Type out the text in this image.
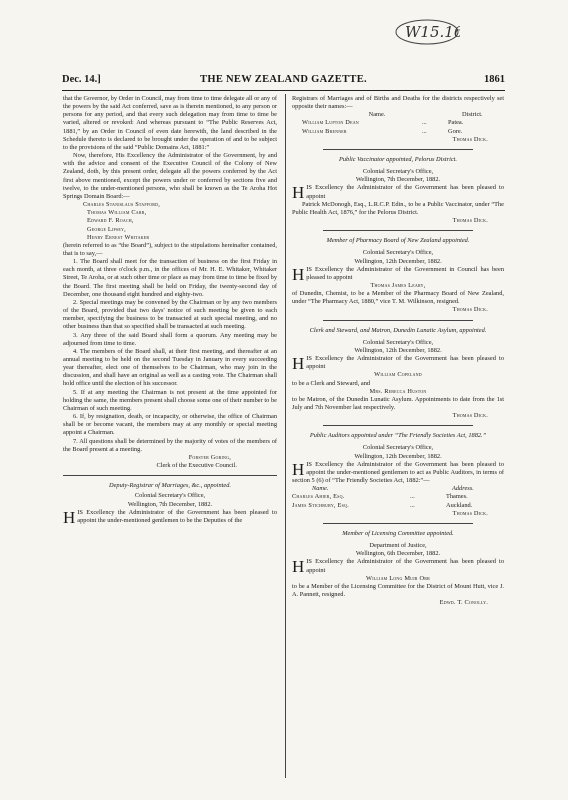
W15.16
Dec. 14.]	THE NEW ZEALAND GAZETTE.	1861

that the Governor, by Order in Council, may from time to time delegate all or any of the powers by the said Act conferred, save as is therein mentioned, to any person or persons for any period, and that every such delegation may from time to time be varied, altered or revoked: And whereas pursuant to “The Public Reserves Act, 1881,” by an Order in Council of even date herewith, the land described in the Schedule thereto is declared to be brought under the operation of and to be subject to the provisions of the said “Public Domains Act, 1881:”

Now, therefore, His Excellency the Administrator of the Government, by and with the advice and consent of the Executive Council of the Colony of New Zealand, doth, by this present order, delegate all the powers conferred by the Act first above mentioned, except the powers under or conferred by sections five and twelve, to the under-mentioned persons, who shall be known as the Te Aroha Hot Springs Domain Board:—

Charles Stanislaus Stafford,

Thomas William Carr,

Edward F. Roach,

George Lipsey,

Henry Ernest Whitaker

(herein referred to as “the Board”), subject to the stipulations hereinafter contained, that is to say,—

1. The Board shall meet for the transaction of business on the first Friday in each month, at three o'clock p.m., in the offices of Mr. H. E. Whitaker, Whitaker Street, Te Aroha, or at such other time or place as may from time to time be fixed by the Board. The first meeting shall be held on Friday, the twenty-second day of December, one thousand eight hundred and eighty-two.

2. Special meetings may be convened by the Chairman or by any two members of the Board, provided that two days' notice of such meeting be given to each member, specifying the business to be transacted at such special meeting, and no other business than that so specified shall be transacted at such meeting.

3. Any three of the said Board shall form a quorum. Any meeting may be adjourned from time to time.

4. The members of the Board shall, at their first meeting, and thereafter at an annual meeting to be held on the second Tuesday in January in every succeeding year thereafter, elect one of themselves to be Chairman, who may join in the discussion, and shall have an original as well as a casting vote. The Chairman shall hold office until the election of his successor.

5. If at any meeting the Chairman is not present at the time appointed for holding the same, the members present shall choose some one of their number to be Chairman of such meeting.

6. If, by resignation, death, or incapacity, or otherwise, the office of Chairman shall be or become vacant, the members may at any monthly or special meeting appoint a Chairman.

7. All questions shall be determined by the majority of votes of the members of the Board present at a meeting.

Forster Goring,

Clerk of the Executive Council.

Deputy-Registrar of Marriages, &c., appointed.

Colonial Secretary's Office,

Wellington, 7th December, 1882.

HIS Excellency the Administrator of the Government has been pleased to appoint the under-mentioned gentlemen to be the Deputies of the

Registrars of Marriages and of Births and Deaths for the districts respectively set opposite their names:—

Name.	District.
William Lupton Dean	...	Patea.
William Brenner	...	Gore.

Thomas Dick.

Public Vaccinator appointed, Pelorus District.

Colonial Secretary's Office,

Wellington, 7th December, 1882.

HIS Excellency the Administrator of the Government has been pleased to appoint

Patrick McDonogh, Esq., L.R.C.P. Edin., to be a Public Vaccinator, under “The Public Health Act, 1876,” for the Pelorus District.

Thomas Dick.

Member of Pharmacy Board of New Zealand appointed.

Colonial Secretary's Office,

Wellington, 12th December, 1882.

HIS Excellency the Administrator of the Government in Council has been pleased to appoint

Thomas James Leary,

of Dunedin, Chemist, to be a Member of the Pharmacy Board of New Zealand, under “The Pharmacy Act, 1880,” vice T. M. Wilkinson, resigned.

Thomas Dick.

Clerk and Steward, and Matron, Dunedin Lunatic Asylum, appointed.

Colonial Secretary's Office,

Wellington, 12th December, 1882.

HIS Excellency the Administrator of the Government has been pleased to appoint

William Copeland

to be a Clerk and Steward, and

Mrs. Rebecca Huston

to be Matron, of the Dunedin Lunatic Asylum. Appointments to date from the 1st July and 7th November last respectively.

Thomas Dick.

Public Auditors appointed under “The Friendly Societies Act, 1882.”

Colonial Secretary's Office,

Wellington, 12th December, 1882.

HIS Excellency the Administrator of the Government has been pleased to appoint the under-mentioned gentlemen to act as Public Auditors, in terms of section 5 (6) of “The Friendly Societies Act, 1882:”—

Name.	Address.
Charles Ahier, Esq.	...	Thames.
James Stichbury, Esq.	...	Auckland.

Thomas Dick.

Member of Licensing Committee appointed.

Department of Justice,

Wellington, 6th December, 1882.

HIS Excellency the Administrator of the Government has been pleased to appoint

William Long Muir Orr

to be a Member of the Licensing Committee for the District of Mount Hutt, vice J. A. Pannett, resigned.

Edwd. T. Conolly.
